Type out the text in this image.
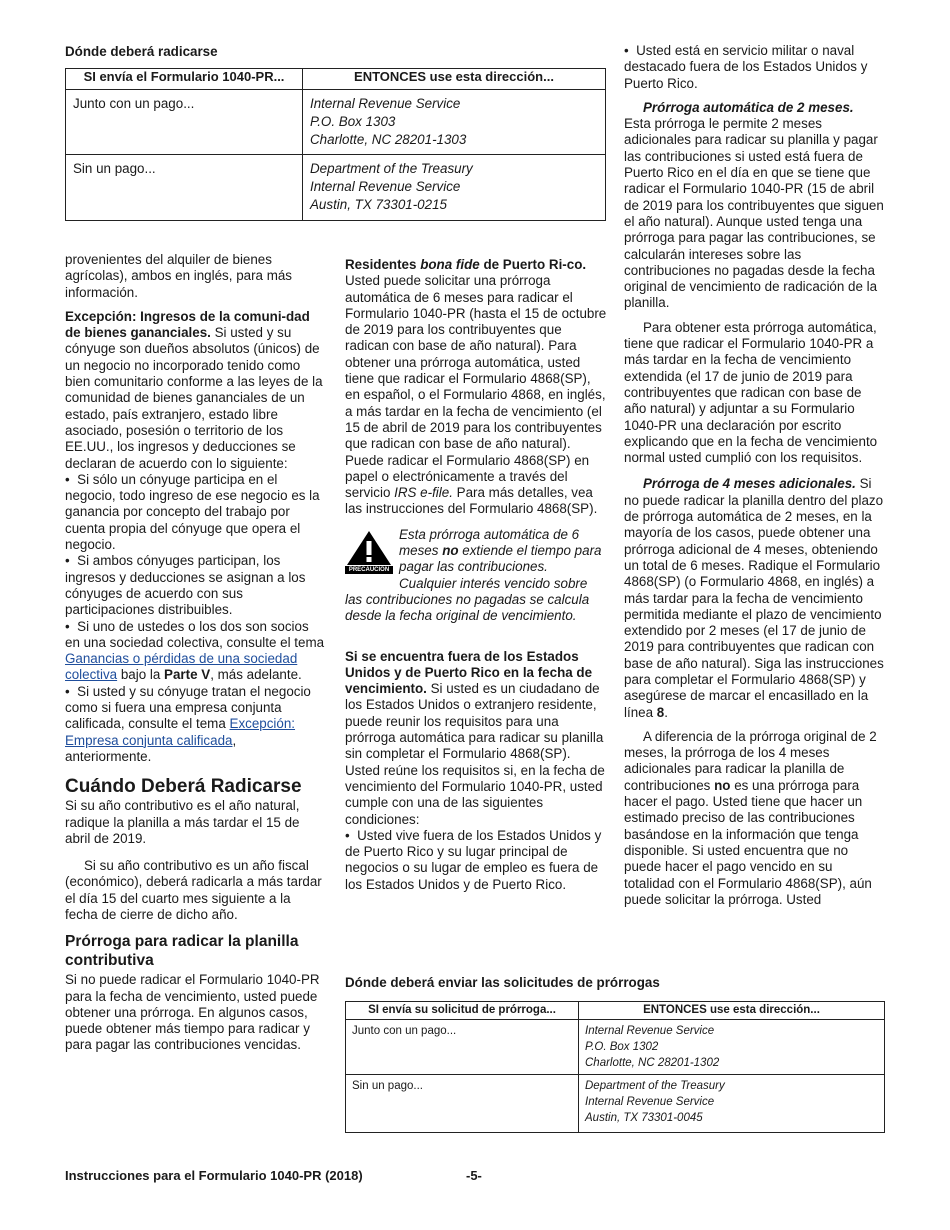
Dónde deberá radicarse

SI envía el Formulario 1040-PR...	ENTONCES use esta dirección...
Junto con un pago...	Internal Revenue Service
P.O. Box 1303
Charlotte, NC 28201-1303

Sin un pago...	Department of the Treasury
Internal Revenue Service
Austin, TX 73301-0215

provenientes del alquiler de bienes agrícolas), ambos en inglés, para más información.

Excepción: Ingresos de la comuni-dad de bienes gananciales. Si usted y su cónyuge son dueños absolutos (únicos) de un negocio no incorporado tenido como bien comunitario conforme a las leyes de la comunidad de bienes gananciales de un estado, país extranjero, estado libre asociado, posesión o territorio de los EE.UU., los ingresos y deducciones se declaran de acuerdo con lo siguiente:

•  Si sólo un cónyuge participa en el negocio, todo ingreso de ese negocio es la ganancia por concepto del trabajo por cuenta propia del cónyuge que opera el negocio.

•  Si ambos cónyuges participan, los ingresos y deducciones se asignan a los cónyuges de acuerdo con sus participaciones distribuibles.

•  Si uno de ustedes o los dos son socios en una sociedad colectiva, consulte el tema Ganancias o pérdidas de una sociedad colectiva bajo la Parte V, más adelante.

•  Si usted y su cónyuge tratan el negocio como si fuera una empresa conjunta calificada, consulte el tema Excepción: Empresa conjunta calificada, anteriormente.

Cuándo Deberá Radicarse

Si su año contributivo es el año natural, radique la planilla a más tardar el 15 de abril de 2019.

Si su año contributivo es un año fiscal (económico), deberá radicarla a más tardar el día 15 del cuarto mes siguiente a la fecha de cierre de dicho año.

Prórroga para radicar la planilla contributiva

Si no puede radicar el Formulario 1040-PR para la fecha de vencimiento, usted puede obtener una prórroga. En algunos casos, puede obtener más tiempo para radicar y para pagar las contribuciones vencidas.

Residentes bona fide de Puerto Ri-co. Usted puede solicitar una prórroga automática de 6 meses para radicar el Formulario 1040-PR (hasta el 15 de octubre de 2019 para los contribuyentes que radican con base de año natural). Para obtener una prórroga automática, usted tiene que radicar el Formulario 4868(SP), en español, o el Formulario 4868, en inglés, a más tardar en la fecha de vencimiento (el 15 de abril de 2019 para los contribuyentes que radican con base de año natural). Puede radicar el Formulario 4868(SP) en papel o electrónicamente a través del servicio IRS e-file. Para más detalles, vea las instrucciones del Formulario 4868(SP).

PRECAUCIÓN

Esta prórroga automática de 6 meses no extiende el tiempo para pagar las contribuciones. Cualquier interés vencido sobre las contribuciones no pagadas se calcula desde la fecha original de vencimiento.

Si se encuentra fuera de los Estados Unidos y de Puerto Rico en la fecha de vencimiento. Si usted es un ciudadano de los Estados Unidos o extranjero residente, puede reunir los requisitos para una prórroga automática para radicar su planilla sin completar el Formulario 4868(SP). Usted reúne los requisitos si, en la fecha de vencimiento del Formulario 1040-PR, usted cumple con una de las siguientes condiciones:

•  Usted vive fuera de los Estados Unidos y de Puerto Rico y su lugar principal de negocios o su lugar de empleo es fuera de los Estados Unidos y de Puerto Rico.

•  Usted está en servicio militar o naval destacado fuera de los Estados Unidos y Puerto Rico.

Prórroga automática de 2 meses. Esta prórroga le permite 2 meses adicionales para radicar su planilla y pagar las contribuciones si usted está fuera de Puerto Rico en el día en que se tiene que radicar el Formulario 1040-PR (15 de abril de 2019 para los contribuyentes que siguen el año natural). Aunque usted tenga una prórroga para pagar las contribuciones, se calcularán intereses sobre las contribuciones no pagadas desde la fecha original de vencimiento de radicación de la planilla.

Para obtener esta prórroga automática, tiene que radicar el Formulario 1040-PR a más tardar en la fecha de vencimiento extendida (el 17 de junio de 2019 para contribuyentes que radican con base de año natural) y adjuntar a su Formulario 1040-PR una declaración por escrito explicando que en la fecha de vencimiento normal usted cumplió con los requisitos.

Prórroga de 4 meses adicionales. Si no puede radicar la planilla dentro del plazo de prórroga automática de 2 meses, en la mayoría de los casos, puede obtener una prórroga adicional de 4 meses, obteniendo un total de 6 meses. Radique el Formulario 4868(SP) (o Formulario 4868, en inglés) a más tardar para la fecha de vencimiento permitida mediante el plazo de vencimiento extendido por 2 meses (el 17 de junio de 2019 para contribuyentes que radican con base de año natural). Siga las instrucciones para completar el Formulario 4868(SP) y asegúrese de marcar el encasillado en la línea 8.

A diferencia de la prórroga original de 2 meses, la prórroga de los 4 meses adicionales para radicar la planilla de contribuciones no es una prórroga para hacer el pago. Usted tiene que hacer un estimado preciso de las contribuciones basándose en la información que tenga disponible. Si usted encuentra que no puede hacer el pago vencido en su totalidad con el Formulario 4868(SP), aún puede solicitar la prórroga. Usted

Dónde deberá enviar las solicitudes de prórrogas

SI envía su solicitud de prórroga...	ENTONCES use esta dirección...
Junto con un pago...	Internal Revenue Service
P.O. Box 1302
Charlotte, NC 28201-1302

Sin un pago...	Department of the Treasury
Internal Revenue Service
Austin, TX 73301-0045
Instrucciones para el Formulario 1040-PR (2018)	-5-
